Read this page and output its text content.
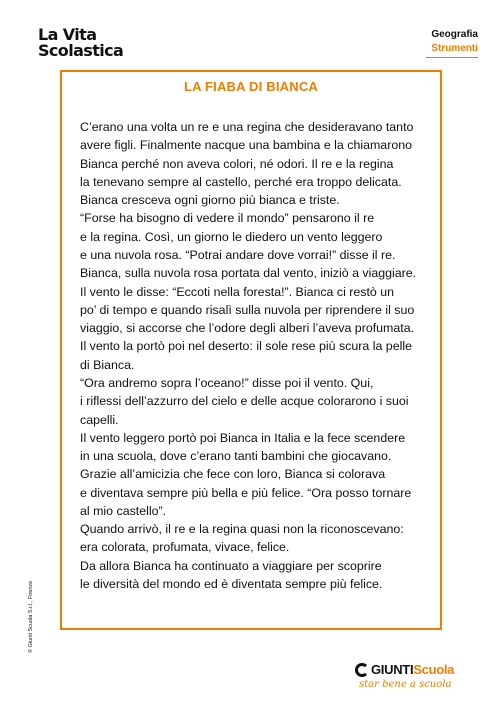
La Vita
Scolastica
Geografia
Strumenti
LA FIABA DI BIANCA
C’erano una volta un re e una regina che desideravano tanto
avere figli. Finalmente nacque una bambina e la chiamarono
Bianca perché non aveva colori, né odori. Il re e la regina
la tenevano sempre al castello, perché era troppo delicata.
Bianca cresceva ogni giorno più bianca e triste.
“Forse ha bisogno di vedere il mondo” pensarono il re
e la regina. Così, un giorno le diedero un vento leggero
e una nuvola rosa. “Potrai andare dove vorrai!” disse il re.
Bianca, sulla nuvola rosa portata dal vento, iniziò a viaggiare.
Il vento le disse: “Eccoti nella foresta!”. Bianca ci restò un
po’ di tempo e quando risalì sulla nuvola per riprendere il suo
viaggio, si accorse che l’odore degli alberi l’aveva profumata.
Il vento la portò poi nel deserto: il sole rese più scura la pelle
di Bianca.
“Ora andremo sopra l’oceano!” disse poi il vento. Qui,
i riflessi dell’azzurro del cielo e delle acque colorarono i suoi
capelli.
Il vento leggero portò poi Bianca in Italia e la fece scendere
in una scuola, dove c’erano tanti bambini che giocavano.
Grazie all’amicizia che fece con loro, Bianca si colorava
e diventava sempre più bella e più felice. “Ora posso tornare
al mio castello”.
Quando arrivò, il re e la regina quasi non la riconoscevano:
era colorata, profumata, vivace, felice.
Da allora Bianca ha continuato a viaggiare per scoprire
le diversità del mondo ed è diventata sempre più felice.
© Giunti Scuola S.r.l., Firenze
GIUNTI Scuola
star bene a scuola
